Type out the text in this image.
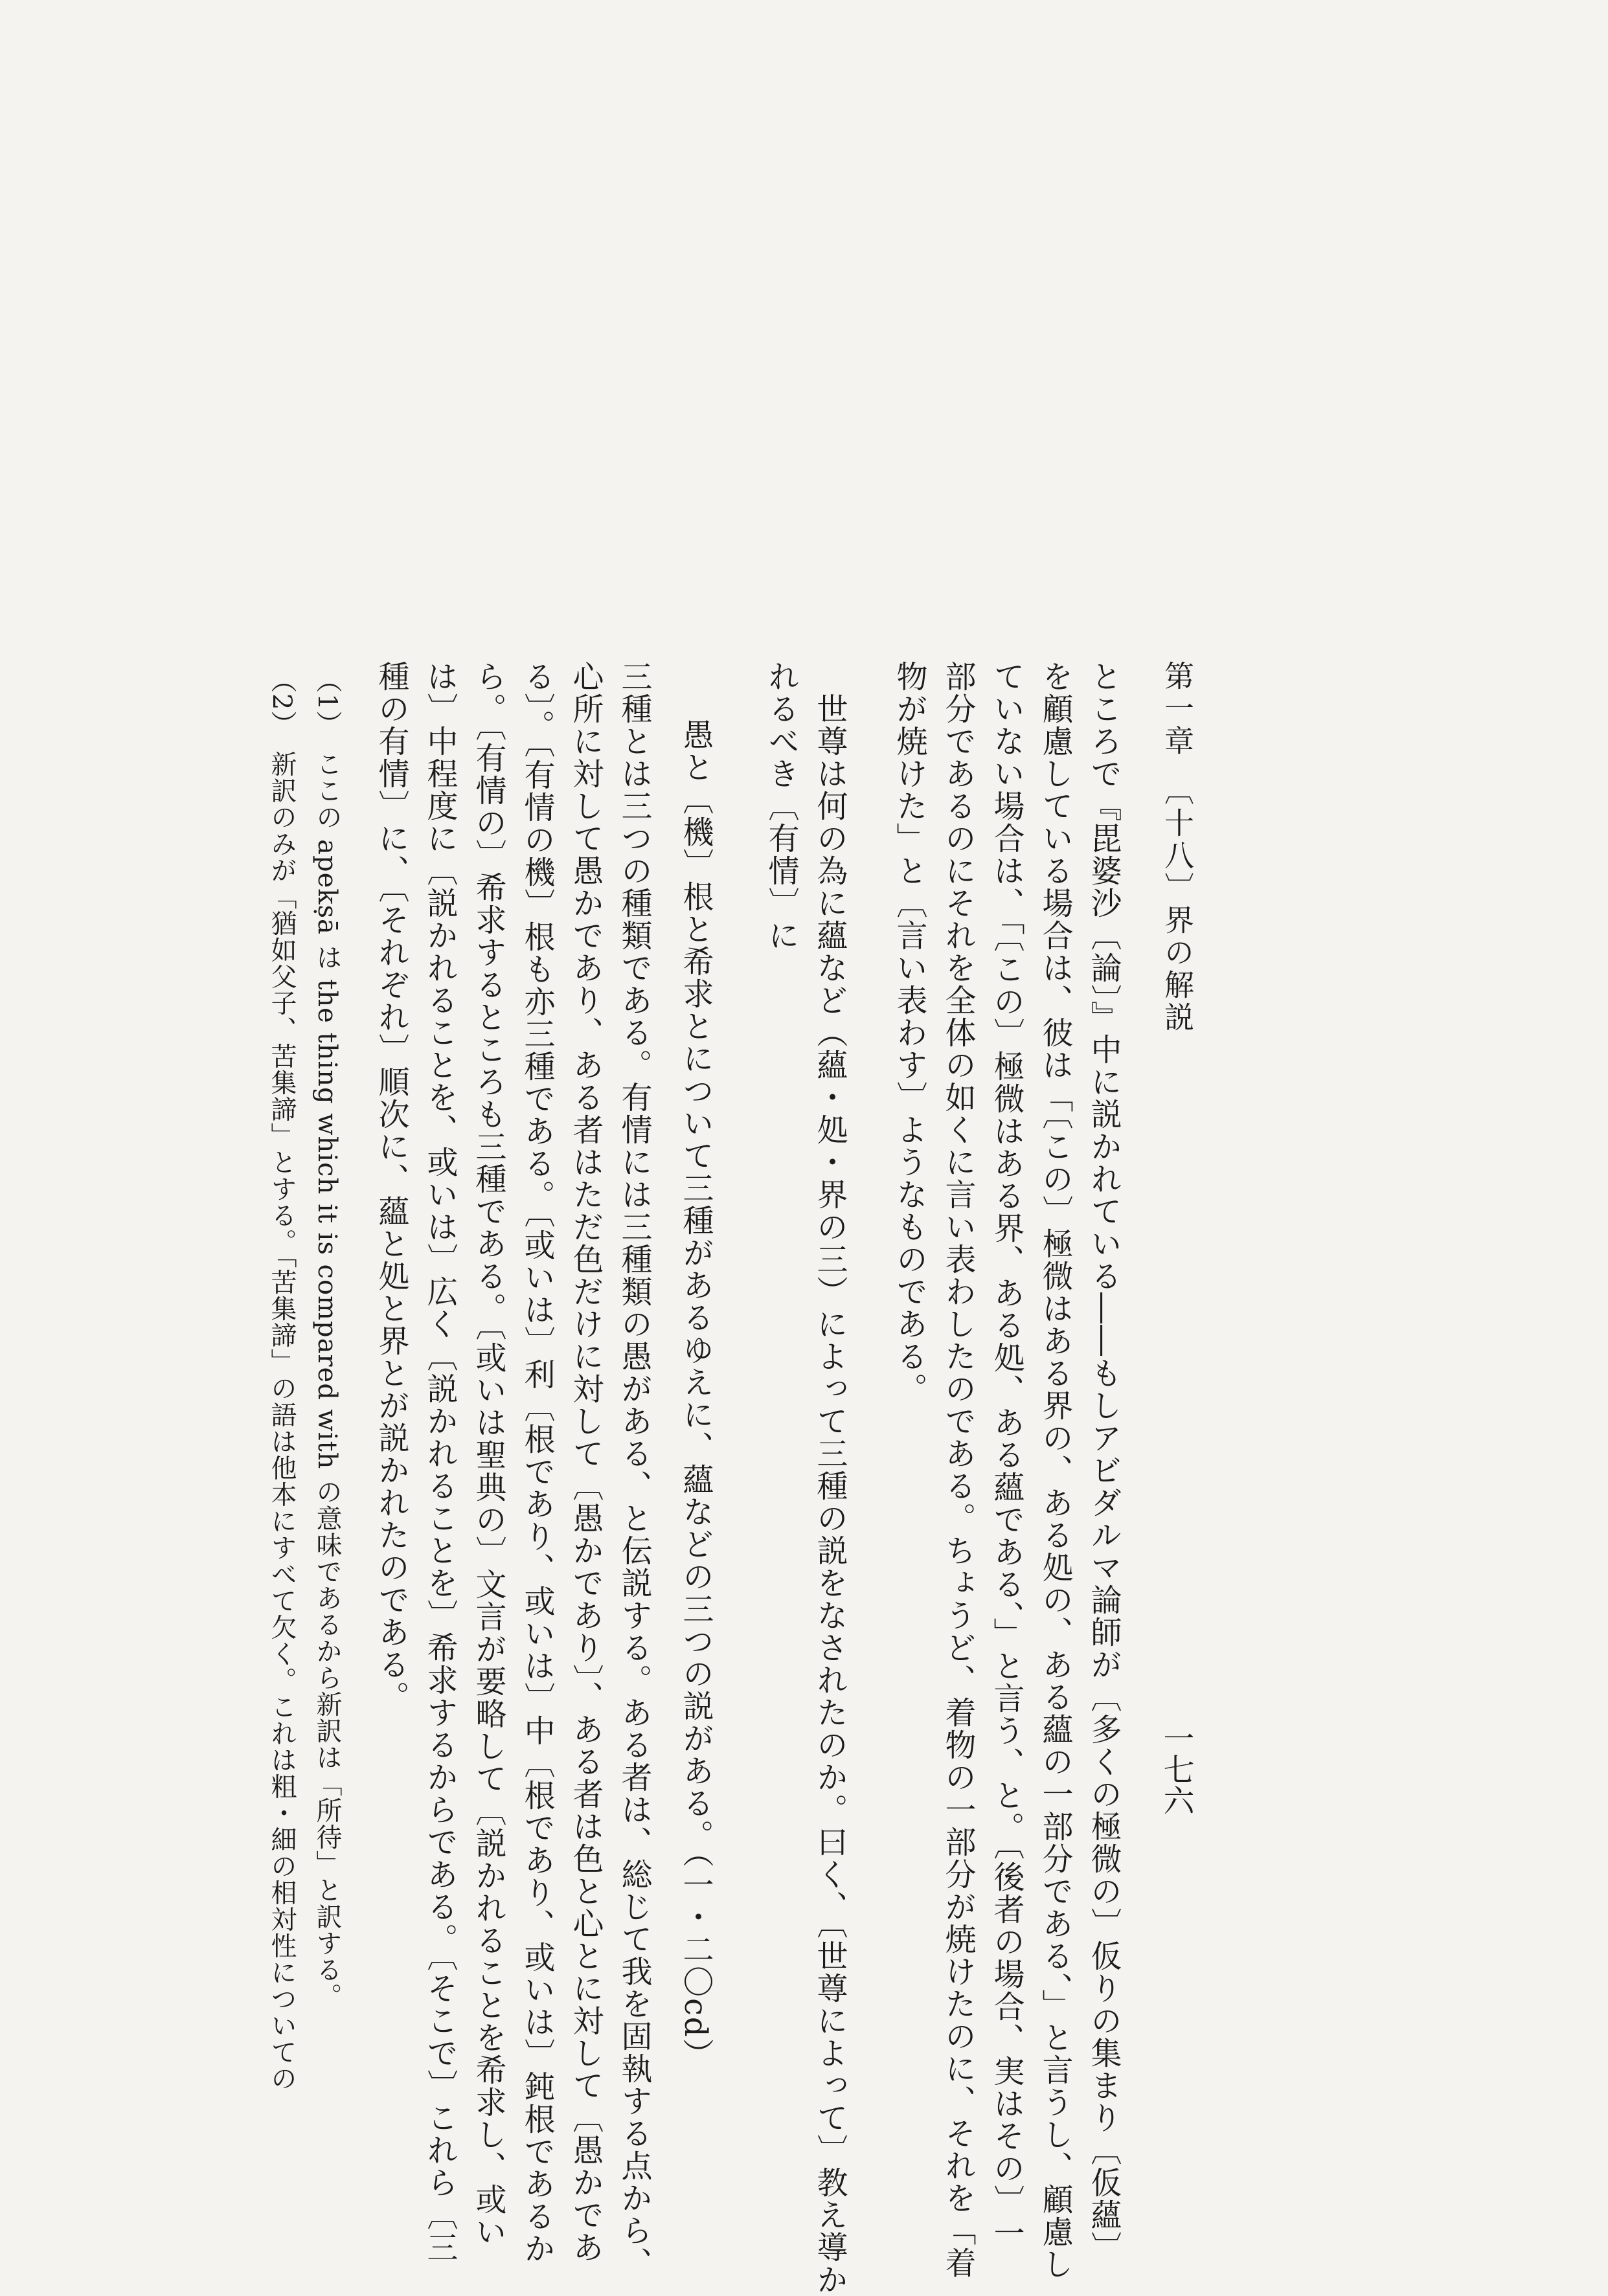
第一章　〔十八〕界の解説
一七六
ところで『毘婆沙〔論〕』中に説かれている――もしアビダルマ論師が〔多くの極微の〕仮りの集まり〔仮蘊〕
を顧慮している場合は、彼は「〔この〕極微はある界の、ある処の、ある蘊の一部分である、」と言うし、顧慮し
ていない場合は、「〔この〕極微はある界、ある処、ある蘊である、」と言う、と。〔後者の場合、実はその〕一
部分であるのにそれを全体の如くに言い表わしたのである。ちょうど、着物の一部分が焼けたのに、それを「着
物が焼けた」と〔言い表わす〕ようなものである。
世尊は何の為に蘊など（蘊・処・界の三）によって三種の説をなされたのか。曰く、〔世尊によって〕教え導か
れるべき〔有情〕に
愚と〔機〕根と希求とについて三種があるゆえに、蘊などの三つの説がある。（一・二〇cd）
三種とは三つの種類である。有情には三種類の愚がある、と伝説する。ある者は、総じて我を固執する点から、
心所に対して愚かであり、ある者はただ色だけに対して〔愚かであり〕、ある者は色と心とに対して〔愚かであ
る〕。〔有情の機〕根も亦三種である。〔或いは〕利〔根であり、或いは〕中〔根であり、或いは〕鈍根であるか
ら。〔有情の〕希求するところも三種である。〔或いは聖典の〕文言が要略して〔説かれることを希求し、或い
は〕中程度に〔説かれることを、或いは〕広く〔説かれることを〕希求するからである。〔そこで〕これら〔三
種の有情〕に、〔それぞれ〕順次に、蘊と処と界とが説かれたのである。
（1）　ここの apekṣā は the thing which it is compared with の意味であるから新訳は「所待」と訳する。
（2）　新訳のみが「猶如父子、苦集諦」とする。「苦集諦」の語は他本にすべて欠く。これは粗・細の相対性についての
